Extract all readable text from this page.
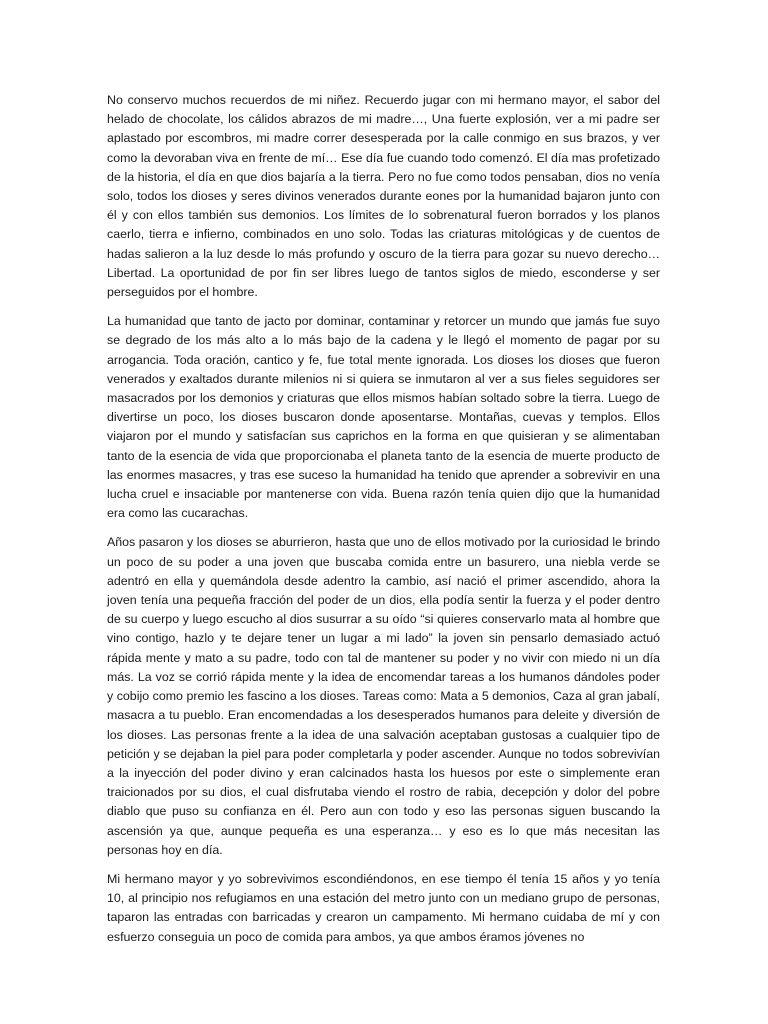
No conservo muchos recuerdos de mi niñez. Recuerdo jugar con mi hermano mayor, el sabor del helado de chocolate, los cálidos abrazos de mi madre…, Una fuerte explosión, ver a mi padre ser aplastado por escombros, mi madre correr desesperada por la calle conmigo en sus brazos, y ver como la devoraban viva en frente de mí… Ese día fue cuando todo comenzó. El día mas profetizado de la historia, el día en que dios bajaría a la tierra. Pero no fue como todos pensaban, dios no venía solo, todos los dioses y seres divinos venerados durante eones por la humanidad bajaron junto con él y con ellos también sus demonios. Los límites de lo sobrenatural fueron borrados y los planos caerlo, tierra e infierno, combinados en uno solo. Todas las criaturas mitológicas y de cuentos de hadas salieron a la luz desde lo más profundo y oscuro de la tierra para gozar su nuevo derecho… Libertad. La oportunidad de por fin ser libres luego de tantos siglos de miedo, esconderse y ser perseguidos por el hombre.

La humanidad que tanto de jacto por dominar, contaminar y retorcer un mundo que jamás fue suyo se degrado de los más alto a lo más bajo de la cadena y le llegó el momento de pagar por su arrogancia. Toda oración, cantico y fe, fue total mente ignorada. Los dioses los dioses que fueron venerados y exaltados durante milenios ni si quiera se inmutaron al ver a sus fieles seguidores ser masacrados por los demonios y criaturas que ellos mismos habían soltado sobre la tierra. Luego de divertirse un poco, los dioses buscaron donde aposentarse. Montañas, cuevas y templos. Ellos viajaron por el mundo y satisfacían sus caprichos en la forma en que quisieran y se alimentaban tanto de la esencia de vida que proporcionaba el planeta tanto de la esencia de muerte producto de las enormes masacres, y tras ese suceso la humanidad ha tenido que aprender a sobrevivir en una lucha cruel e insaciable por mantenerse con vida. Buena razón tenía quien dijo que la humanidad era como las cucarachas.

Años pasaron y los dioses se aburrieron, hasta que uno de ellos motivado por la curiosidad le brindo un poco de su poder a una joven que buscaba comida entre un basurero, una niebla verde se adentró en ella y quemándola desde adentro la cambio, así nació el primer ascendido, ahora la joven tenía una pequeña fracción del poder de un dios, ella podía sentir la fuerza y el poder dentro de su cuerpo y luego escucho al dios susurrar a su oído “si quieres conservarlo mata al hombre que vino contigo, hazlo y te dejare tener un lugar a mi lado” la joven sin pensarlo demasiado actuó rápida mente y mato a su padre, todo con tal de mantener su poder y no vivir con miedo ni un día más. La voz se corrió rápida mente y la idea de encomendar tareas a los humanos dándoles poder y cobijo como premio les fascino a los dioses. Tareas como: Mata a 5 demonios, Caza al gran jabalí, masacra a tu pueblo. Eran encomendadas a los desesperados humanos para deleite y diversión de los dioses. Las personas frente a la idea de una salvación aceptaban gustosas a cualquier tipo de petición y se dejaban la piel para poder completarla y poder ascender. Aunque no todos sobrevivían a la inyección del poder divino y eran calcinados hasta los huesos por este o simplemente eran traicionados por su dios, el cual disfrutaba viendo el rostro de rabia, decepción y dolor del pobre diablo que puso su confianza en él. Pero aun con todo y eso las personas siguen buscando la ascensión ya que, aunque pequeña es una esperanza… y eso es lo que más necesitan las personas hoy en día.

Mi hermano mayor y yo sobrevivimos escondiéndonos, en ese tiempo él tenía 15 años y yo tenía 10, al principio nos refugiamos en una estación del metro junto con un mediano grupo de personas, taparon las entradas con barricadas y crearon un campamento. Mi hermano cuidaba de mí y con esfuerzo conseguia un poco de comida para ambos, ya que ambos éramos jóvenes no
